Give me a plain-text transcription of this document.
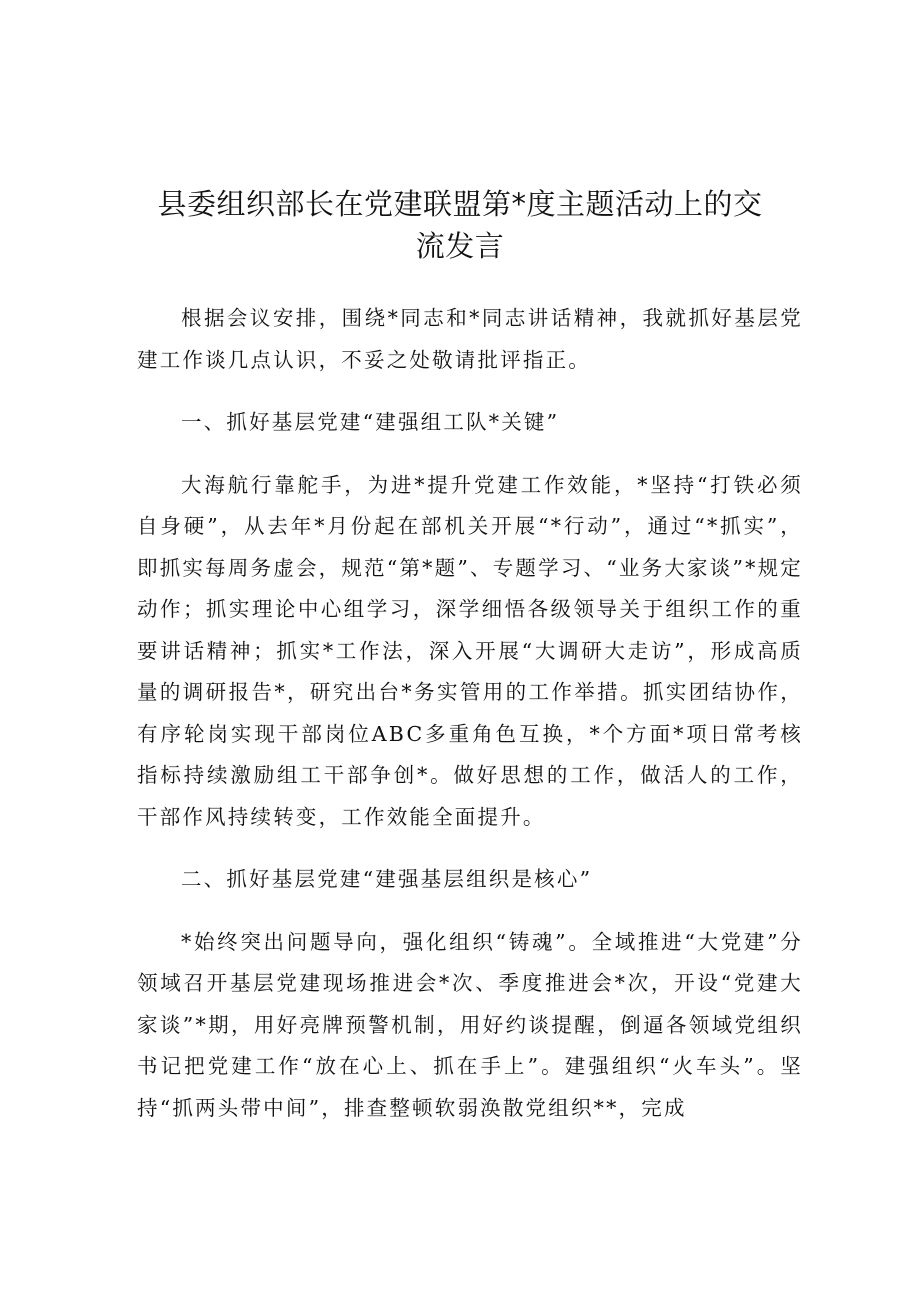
县委组织部长在党建联盟第*度主题活动上的交流发言

根据会议安排，围绕*同志和*同志讲话精神，我就抓好基层党建工作谈几点认识，不妥之处敬请批评指正。

一、抓好基层党建“建强组工队*关键”

大海航行靠舵手，为进*提升党建工作效能，*坚持“打铁必须自身硬”，从去年*月份起在部机关开展“*行动”，通过“*抓实”，即抓实每周务虚会，规范“第*题”、专题学习、“业务大家谈”*规定动作；抓实理论中心组学习，深学细悟各级领导关于组织工作的重要讲话精神；抓实*工作法，深入开展“大调研大走访”，形成高质量的调研报告*，研究出台*务实管用的工作举措。抓实团结协作，有序轮岗实现干部岗位ABC多重角色互换，*个方面*项日常考核指标持续激励组工干部争创*。做好思想的工作，做活人的工作，干部作风持续转变，工作效能全面提升。

二、抓好基层党建“建强基层组织是核心”

*始终突出问题导向，强化组织“铸魂”。全域推进“大党建”分领域召开基层党建现场推进会*次、季度推进会*次，开设“党建大家谈”*期，用好亮牌预警机制，用好约谈提醒，倒逼各领域党组织书记把党建工作“放在心上、抓在手上”。建强组织“火车头”。坚持“抓两头带中间”，排查整顿软弱涣散党组织**，完成
